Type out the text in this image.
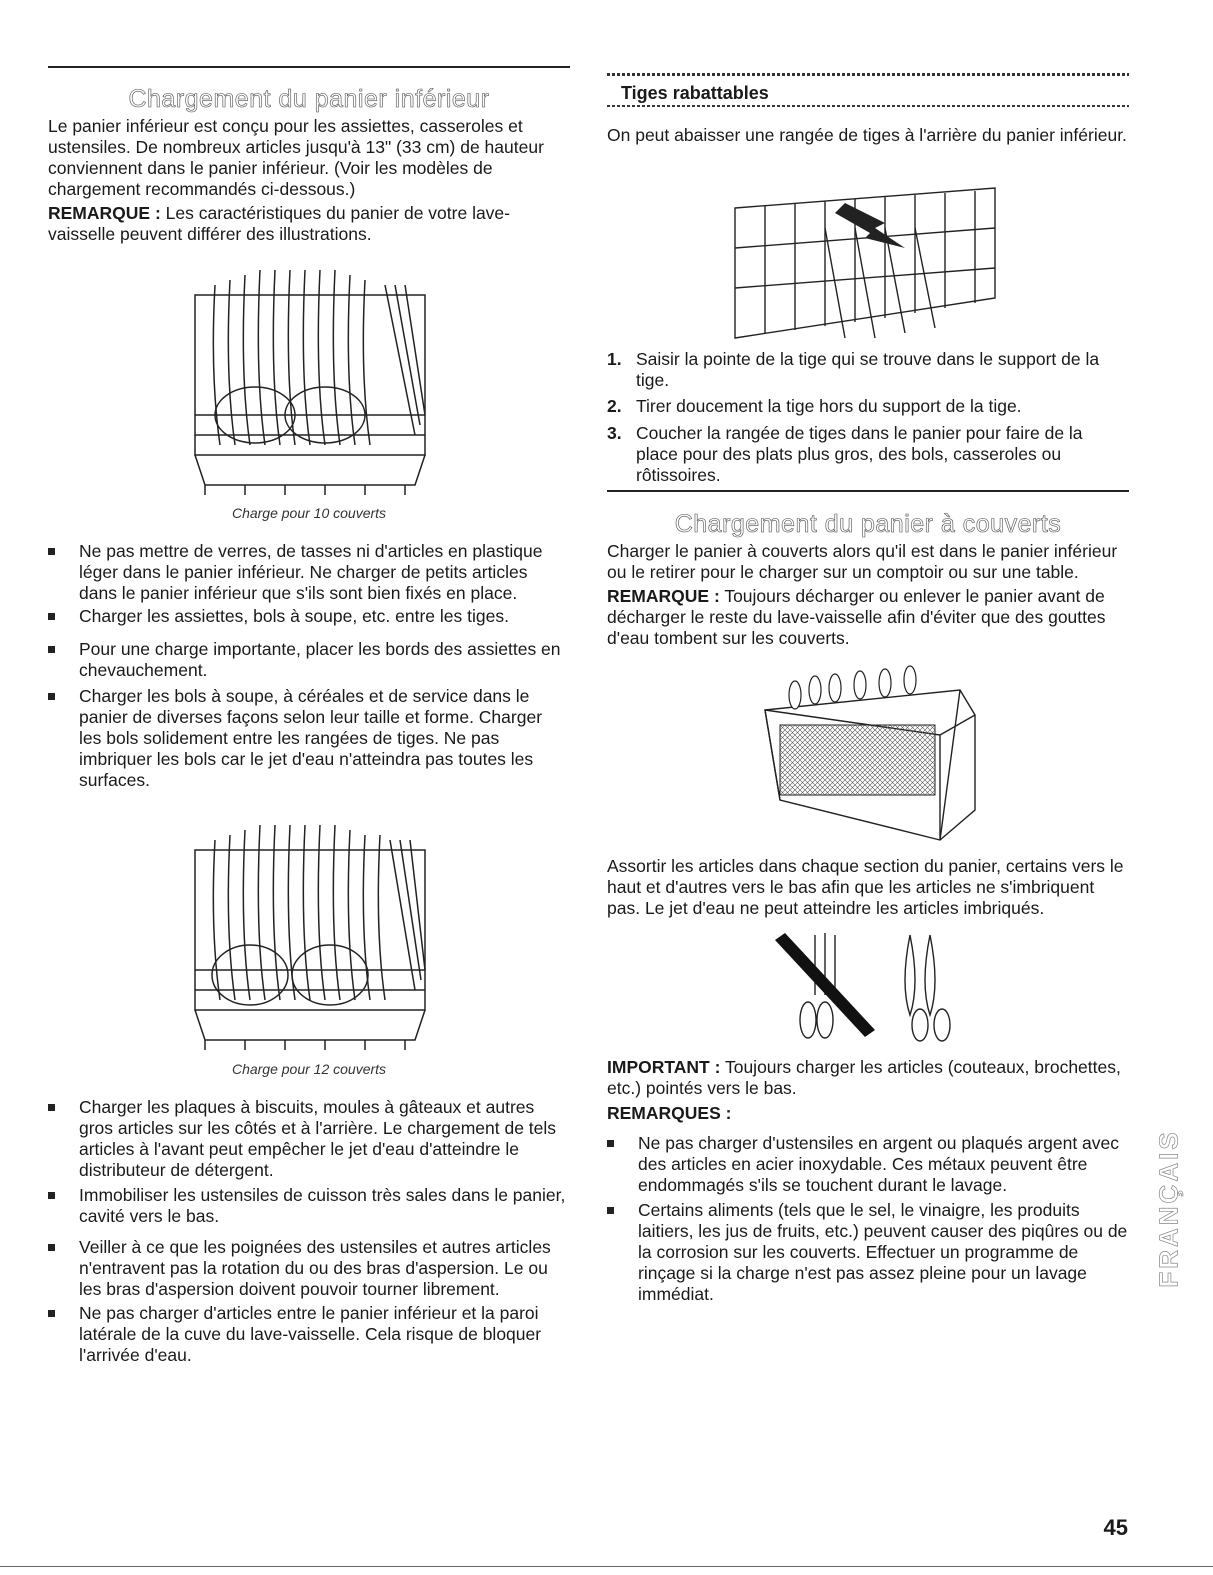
Chargement du panier inférieur

Le panier inférieur est conçu pour les assiettes, casseroles et ustensiles. De nombreux articles jusqu'à 13" (33 cm) de hauteur conviennent dans le panier inférieur. (Voir les modèles de chargement recommandés ci-dessous.)

REMARQUE : Les caractéristiques du panier de votre lave-vaisselle peuvent différer des illustrations.

Charge pour 10 couverts
Ne pas mettre de verres, de tasses ni d'articles en plastique léger dans le panier inférieur. Ne charger de petits articles dans le panier inférieur que s'ils sont bien fixés en place.
Charger les assiettes, bols à soupe, etc. entre les tiges.
Pour une charge importante, placer les bords des assiettes en chevauchement.
Charger les bols à soupe, à céréales et de service dans le panier de diverses façons selon leur taille et forme. Charger les bols solidement entre les rangées de tiges. Ne pas imbriquer les bols car le jet d'eau n'atteindra pas toutes les surfaces.
Charge pour 12 couverts
Charger les plaques à biscuits, moules à gâteaux et autres gros articles sur les côtés et à l'arrière. Le chargement de tels articles à l'avant peut empêcher le jet d'eau d'atteindre le distributeur de détergent.
Immobiliser les ustensiles de cuisson très sales dans le panier, cavité vers le bas.
Veiller à ce que les poignées des ustensiles et autres articles n'entravent pas la rotation du ou des bras d'aspersion. Le ou les bras d'aspersion doivent pouvoir tourner librement.
Ne pas charger d'articles entre le panier inférieur et la paroi latérale de la cuve du lave-vaisselle. Cela risque de bloquer l'arrivée d'eau.
Tiges rabattables

On peut abaisser une rangée de tiges à l'arrière du panier inférieur.

1. Saisir la pointe de la tige qui se trouve dans le support de la tige.
2. Tirer doucement la tige hors du support de la tige.
3. Coucher la rangée de tiges dans le panier pour faire de la place pour des plats plus gros, des bols, casseroles ou rôtissoires.
Chargement du panier à couverts

Charger le panier à couverts alors qu'il est dans le panier inférieur ou le retirer pour le charger sur un comptoir ou sur une table.

REMARQUE : Toujours décharger ou enlever le panier avant de décharger le reste du lave-vaisselle afin d'éviter que des gouttes d'eau tombent sur les couverts.

Assortir les articles dans chaque section du panier, certains vers le haut et d'autres vers le bas afin que les articles ne s'imbriquent pas. Le jet d'eau ne peut atteindre les articles imbriqués.

IMPORTANT : Toujours charger les articles (couteaux, brochettes, etc.) pointés vers le bas.

REMARQUES :
Ne pas charger d'ustensiles en argent ou plaqués argent avec des articles en acier inoxydable. Ces métaux peuvent être endommagés s'ils se touchent durant le lavage.
Certains aliments (tels que le sel, le vinaigre, les produits laitiers, les jus de fruits, etc.) peuvent causer des piqûres ou de la corrosion sur les couverts. Effectuer un programme de rinçage si la charge n'est pas assez pleine pour un lavage immédiat.
FRANÇAIS
45
